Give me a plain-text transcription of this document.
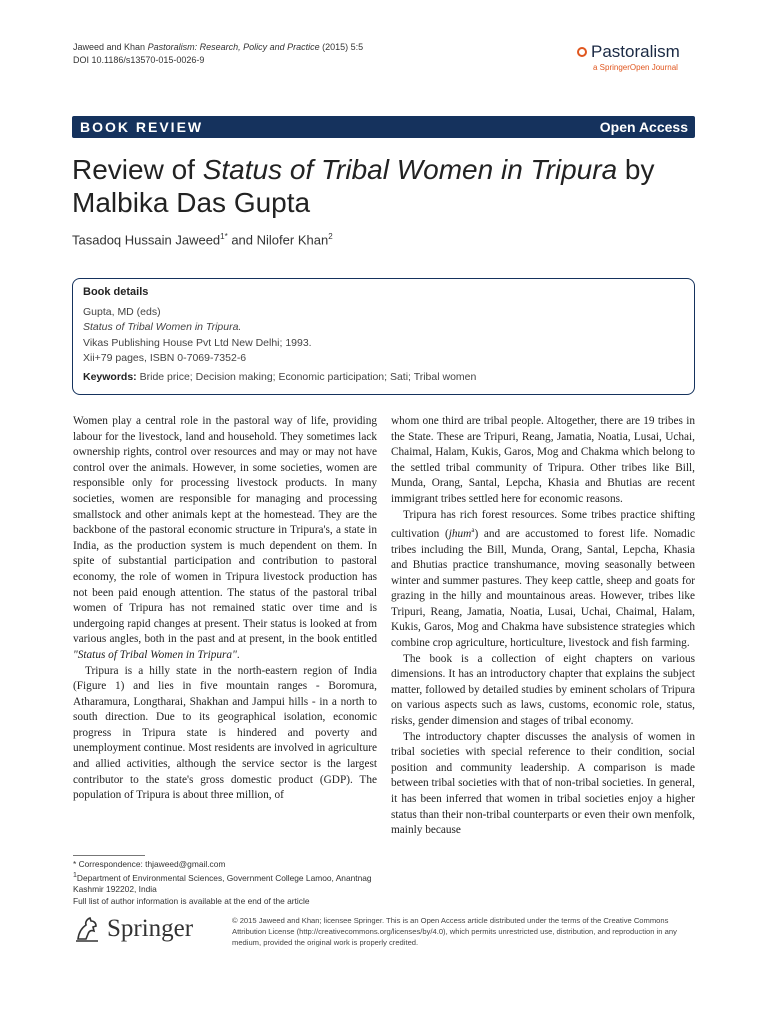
Jaweed and Khan Pastoralism: Research, Policy and Practice (2015) 5:5
DOI 10.1186/s13570-015-0026-9	Pastoralism
a SpringerOpen Journal
BOOK REVIEW	Open Access
Review of Status of Tribal Women in Tripura by Malbika Das Gupta
Tasadoq Hussain Jaweed$^{1*}$ and Nilofer Khan$^2$
Book details
Gupta, MD (eds)
Status of Tribal Women in Tripura.
Vikas Publishing House Pvt Ltd New Delhi; 1993.
Xii+79 pages, ISBN 0-7069-7352-6
Keywords: Bride price; Decision making; Economic participation; Sati; Tribal women

Women play a central role in the pastoral way of life, providing labour for the livestock, land and household. They sometimes lack ownership rights, control over resources and may or may not have control over the animals. However, in some societies, women are responsible only for processing livestock products. In many societies, women are responsible for managing and processing smallstock and other animals kept at the homestead. They are the backbone of the pastoral economic structure in Tripura's, a state in India, as the production system is much dependent on them. In spite of substantial participation and contribution to pastoral economy, the role of women in Tripura livestock production has not been paid enough attention. The status of the pastoral tribal women of Tripura has not remained static over time and is undergoing rapid changes at present. Their status is looked at from various angles, both in the past and at present, in the book entitled "Status of Tribal Women in Tripura".

Tripura is a hilly state in the north-eastern region of India (Figure 1) and lies in five mountain ranges - Boromura, Atharamura, Longtharai, Shakhan and Jampui hills - in a north to south direction. Due to its geographical isolation, economic progress in Tripura state is hindered and poverty and unemployment continue. Most residents are involved in agriculture and allied activities, although the service sector is the largest contributor to the state's gross domestic product (GDP). The population of Tripura is about three million, of

whom one third are tribal people. Altogether, there are 19 tribes in the State. These are Tripuri, Reang, Jamatia, Noatia, Lusai, Uchai, Chaimal, Halam, Kukis, Garos, Mog and Chakma which belong to the settled tribal community of Tripura. Other tribes like Bill, Munda, Orang, Santal, Lepcha, Khasia and Bhutias are recent immigrant tribes settled here for economic reasons.

Tripura has rich forest resources. Some tribes practice shifting cultivation (jhum$^a$) and are accustomed to forest life. Nomadic tribes including the Bill, Munda, Orang, Santal, Lepcha, Khasia and Bhutias practice transhumance, moving seasonally between winter and summer pastures. They keep cattle, sheep and goats for grazing in the hilly and mountainous areas. However, tribes like Tripuri, Reang, Jamatia, Noatia, Lusai, Uchai, Chaimal, Halam, Kukis, Garos, Mog and Chakma have subsistence strategies which combine crop agriculture, horticulture, livestock and fish farming.

The book is a collection of eight chapters on various dimensions. It has an introductory chapter that explains the subject matter, followed by detailed studies by eminent scholars of Tripura on various aspects such as laws, customs, economic role, status, risks, gender dimension and stages of tribal economy.

The introductory chapter discusses the analysis of women in tribal societies with special reference to their condition, social position and community leadership. A comparison is made between tribal societies with that of non-tribal societies. In general, it has been inferred that women in tribal societies enjoy a higher status than their non-tribal counterparts or even their own menfolk, mainly because

* Correspondence: thjaweed@gmail.com
$^1$Department of Environmental Sciences, Government College Lamoo, Anantnag Kashmir 192202, India
Full list of author information is available at the end of the article
Springer	© 2015 Jaweed and Khan; licensee Springer. This is an Open Access article distributed under the terms of the Creative Commons Attribution License (http://creativecommons.org/licenses/by/4.0), which permits unrestricted use, distribution, and reproduction in any medium, provided the original work is properly credited.
